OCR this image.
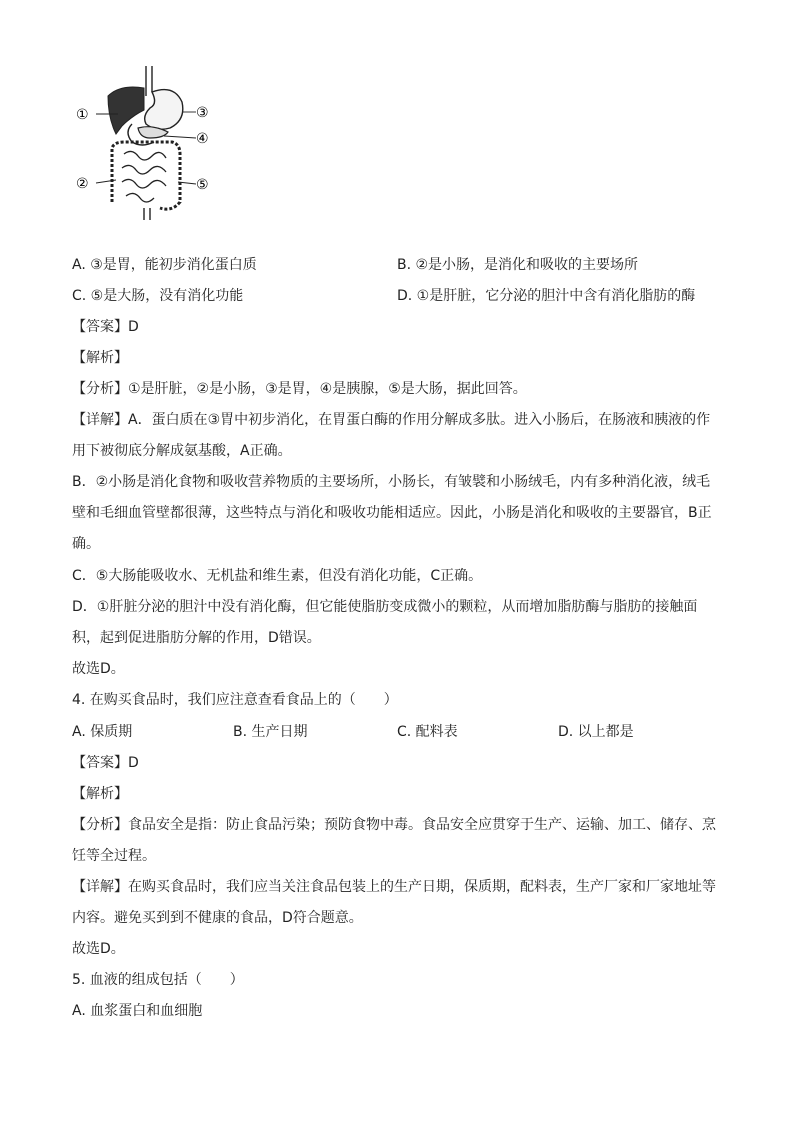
①
②
③
④
⑤
A. ③是胃，能初步消化蛋白质	B. ②是小肠，是消化和吸收的主要场所
C. ⑤是大肠，没有消化功能	D. ①是肝脏，它分泌的胆汁中含有消化脂肪的酶
【答案】D
【解析】
【分析】①是肝脏，②是小肠，③是胃，④是胰腺，⑤是大肠，据此回答。
【详解】A．蛋白质在③胃中初步消化，在胃蛋白酶的作用分解成多肽。进入小肠后，在肠液和胰液的作用下被彻底分解成氨基酸，A正确。
B．②小肠是消化食物和吸收营养物质的主要场所，小肠长，有皱襞和小肠绒毛，内有多种消化液，绒毛壁和毛细血管壁都很薄，这些特点与消化和吸收功能相适应。因此，小肠是消化和吸收的主要器官，B正确。
C．⑤大肠能吸收水、无机盐和维生素，但没有消化功能，C正确。
D．①肝脏分泌的胆汁中没有消化酶，但它能使脂肪变成微小的颗粒，从而增加脂肪酶与脂肪的接触面积，起到促进脂肪分解的作用，D错误。
故选D。
4. 在购买食品时，我们应注意查看食品上的（　　）
A. 保质期	B. 生产日期	C. 配料表	D. 以上都是
【答案】D
【解析】
【分析】食品安全是指：防止食品污染；预防食物中毒。食品安全应贯穿于生产、运输、加工、储存、烹饪等全过程。
【详解】在购买食品时，我们应当关注食品包装上的生产日期，保质期，配料表，生产厂家和厂家地址等内容。避免买到到不健康的食品，D符合题意。
故选D。
5. 血液的组成包括（　　）
A. 血浆蛋白和血细胞
